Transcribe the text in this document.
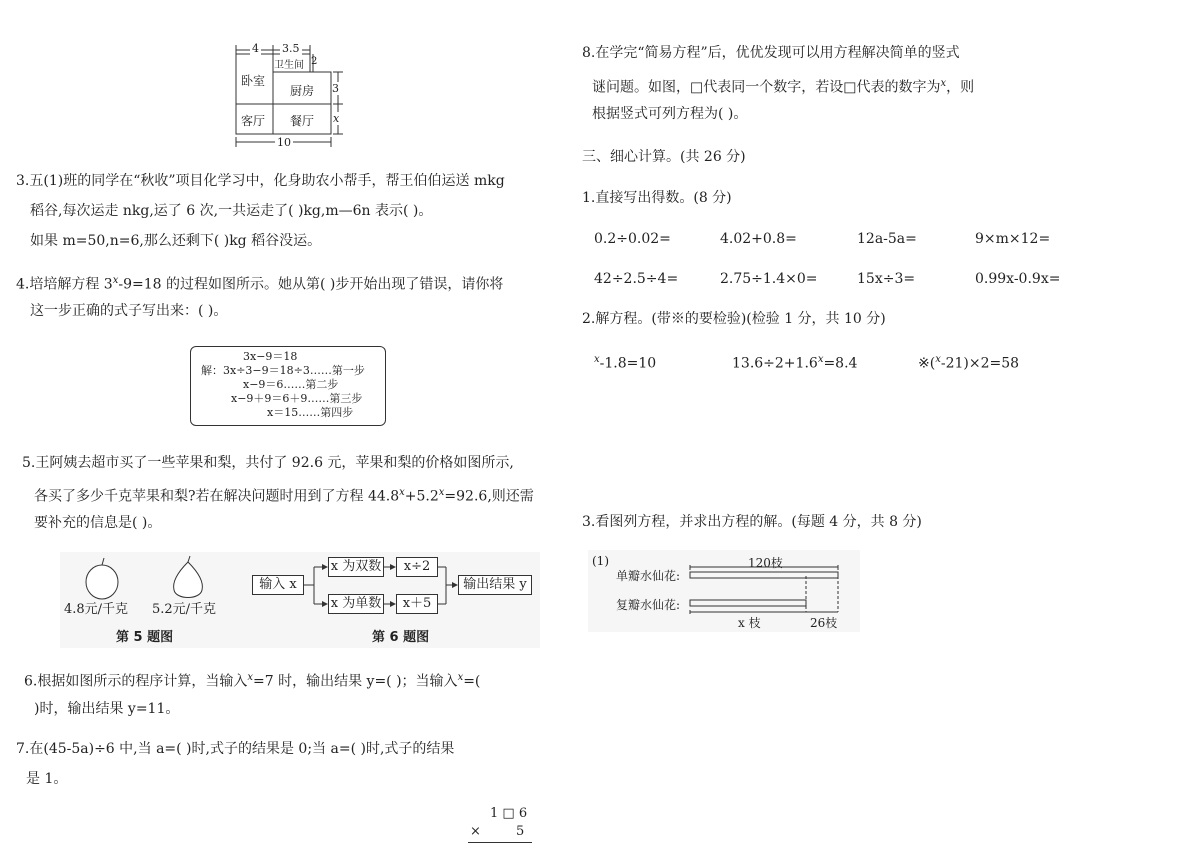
4 3.5
卫生间 2
卧室
厨房 3
客厅 餐厅 x
10
3.五(1)班的同学在“秋收”项目化学习中，化身助农小帮手，帮王伯伯运送 mkg
稻谷,每次运走 nkg,运了 6 次,一共运走了( )kg,m—6n 表示( )。
如果 m=50,n=6,那么还剩下( )kg 稻谷没运。
4.培培解方程 $3^x-9=18$ 的过程如图所示。她从第( )步开始出现了错误，请你将
这一步正确的式子写出来：( )。
3x−9＝18
解：3x÷3−9＝18÷3……第一步
x−9＝6……第二步
x−9＋9＝6＋9……第三步
x＝15……第四步
5.王阿姨去超市买了一些苹果和梨，共付了 92.6 元，苹果和梨的价格如图所示,
各买了多少千克苹果和梨?若在解决问题时用到了方程 $44.8^x+5.2^x=92.6$,则还需
要补充的信息是( )。
4.8元/千克 5.2元/千克
第 5 题图
输入 x
x 为双数
x 为单数
x÷2
x＋5
输出结果 y
第 6 题图
6.根据如图所示的程序计算，当输入$^x$=7 时，输出结果 y=( )；当输入$^x$=(
)时，输出结果 y=11。
7.在(45-5a)÷6 中,当 a=( )时,式子的结果是 0;当 a=( )时,式子的结果
是 1。
1 □ 6
×	5
8.在学完“简易方程”后，优优发现可以用方程解决简单的竖式
谜问题。如图，□代表同一个数字，若设□代表的数字为$^x$，则
根据竖式可列方程为( )。
三、细心计算。(共 26 分)
1.直接写出得数。(8 分)
0.2÷0.02=	4.02+0.8=	12a-5a=	9×m×12=
42÷2.5÷4=	2.75÷1.4×0=	15x÷3=	0.99x-0.9x=
2.解方程。(带※的要检验)(检验 1 分，共 10 分)
$^x$-1.8=10	$13.6\div 2+1.6^x=8.4$	※($^x$-21)×2=58
3.看图列方程，并求出方程的解。(每题 4 分，共 8 分)
(1)
单瓣水仙花:
复瓣水仙花:
120枝
x 枝	26枝
